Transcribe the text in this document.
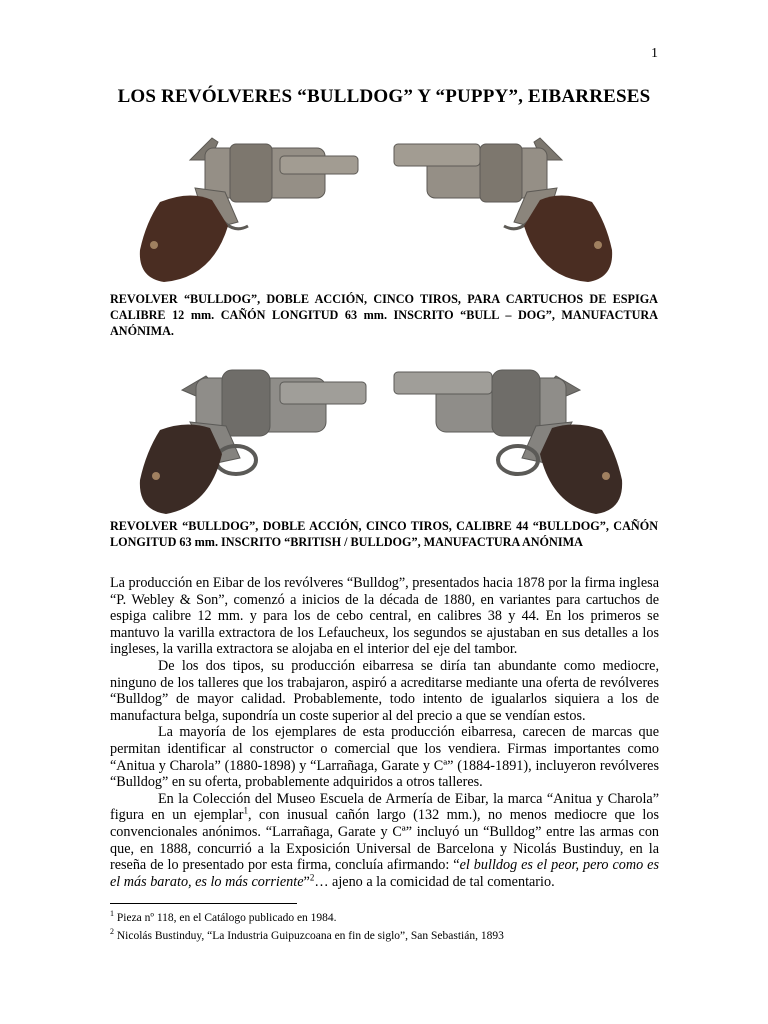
1
LOS REVÓLVERES “BULLDOG” Y “PUPPY”, EIBARRESES
REVOLVER “BULLDOG”, DOBLE ACCIÓN, CINCO TIROS, PARA CARTUCHOS DE ESPIGA CALIBRE 12 mm. CAÑÓN LONGITUD 63 mm. INSCRITO “BULL – DOG”, MANUFACTURA ANÓNIMA.
REVOLVER “BULLDOG”, DOBLE ACCIÓN, CINCO TIROS, CALIBRE 44 “BULLDOG”, CAÑÓN LONGITUD 63 mm. INSCRITO “BRITISH / BULLDOG”, MANUFACTURA ANÓNIMA

La producción en Eibar de los revólveres “Bulldog”, presentados hacia 1878 por la firma inglesa “P. Webley & Son”, comenzó a inicios de la década de 1880, en variantes para cartuchos de espiga calibre 12 mm. y para los de cebo central, en calibres 38 y 44. En los primeros se mantuvo la varilla extractora de los Lefaucheux, los segundos se ajustaban en sus detalles a los ingleses, la varilla extractora se alojaba en el interior del eje del tambor.

De los dos tipos, su producción eibarresa se diría tan abundante como mediocre, ninguno de los talleres que los trabajaron, aspiró a acreditarse mediante una oferta de revólveres “Bulldog” de mayor calidad. Probablemente, todo intento de igualarlos siquiera a los de manufactura belga, supondría un coste superior al del precio a que se vendían estos.

La mayoría de los ejemplares de esta producción eibarresa, carecen de marcas que permitan identificar al constructor o comercial que los vendiera. Firmas importantes como “Anitua y Charola” (1880-1898) y “Larrañaga, Garate y Cª” (1884-1891), incluyeron revólveres “Bulldog” en su oferta, probablemente adquiridos a otros talleres.

En la Colección del Museo Escuela de Armería de Eibar, la marca “Anitua y Charola” figura en un ejemplar$^1$, con inusual cañón largo (132 mm.), no menos mediocre que los convencionales anónimos. “Larrañaga, Garate y Cª” incluyó un “Bulldog” entre las armas con que, en 1888, concurrió a la Exposición Universal de Barcelona y Nicolás Bustinduy, en la reseña de lo presentado por esta firma, concluía afirmando: “el bulldog es el peor, pero como es el más barato, es lo más corriente”$^2$… ajeno a la comicidad de tal comentario.

$^1$ Pieza nº 118, en el Catálogo publicado en 1984.
$^2$ Nicolás Bustinduy, “La Industria Guipuzcoana en fin de siglo”, San Sebastián, 1893
